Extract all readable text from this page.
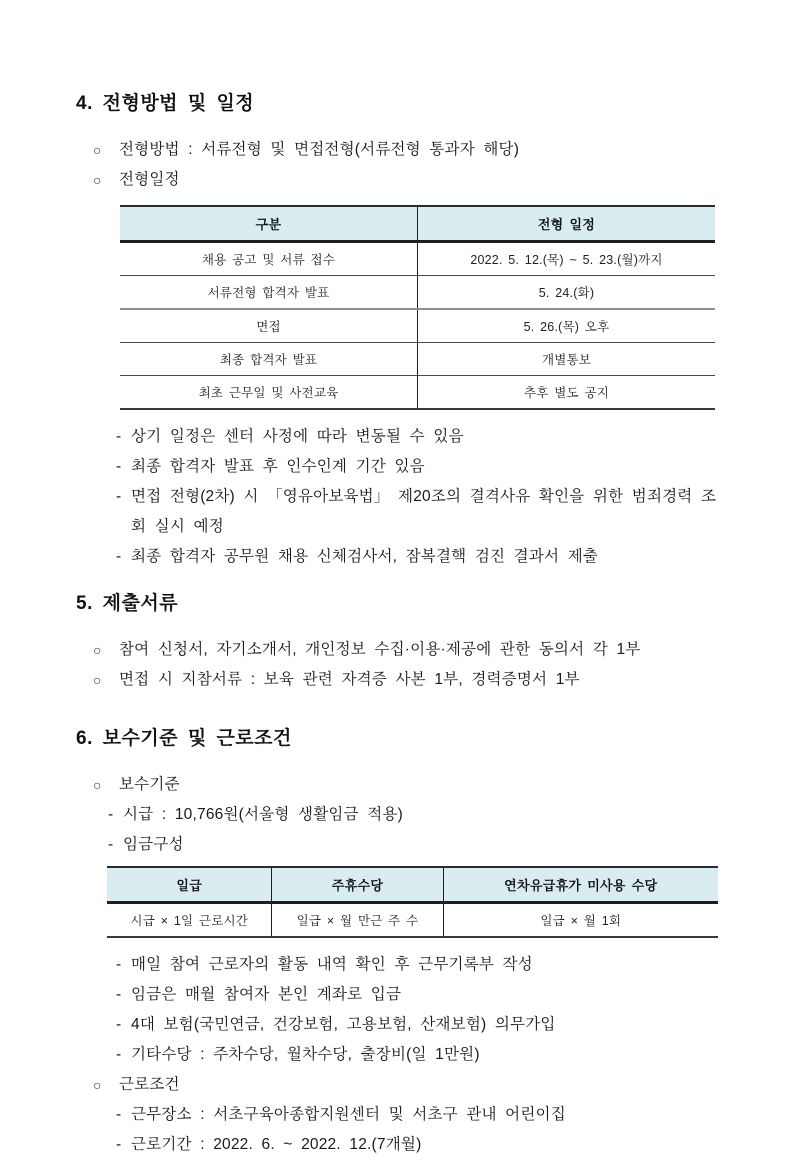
4. 전형방법 및 일정
○	전형방법 : 서류전형 및 면접전형(서류전형 통과자 해당)
○	전형일정
구분	전형 일정
채용 공고 및 서류 접수	2022. 5. 12.(목) ~ 5. 23.(월)까지
서류전형 합격자 발표	5. 24.(화)
면접	5. 26.(목) 오후
최종 합격자 발표	개별통보
최초 근무일 및 사전교육	추후 별도 공지
- 상기 일정은 센터 사정에 따라 변동될 수 있음
- 최종 합격자 발표 후 인수인계 기간 있음
- 면접 전형(2차) 시 「영유아보육법」 제20조의 결격사유 확인을 위한 범죄경력 조회 실시 예정
- 최종 합격자 공무원 채용 신체검사서, 잠복결핵 검진 결과서 제출
5. 제출서류
○	참여 신청서, 자기소개서, 개인정보 수집·이용·제공에 관한 동의서 각 1부
○	면접 시 지참서류 : 보육 관련 자격증 사본 1부, 경력증명서 1부
6. 보수기준 및 근로조건
○	보수기준
- 시급 : 10,766원(서울형 생활임금 적용)
- 임금구성
일급	주휴수당	연차유급휴가 미사용 수당
시급 × 1일 근로시간	일급 × 월 만근 주 수	일급 × 월 1회
- 매일 참여 근로자의 활동 내역 확인 후 근무기록부 작성
- 임금은 매월 참여자 본인 계좌로 입금
- 4대 보험(국민연금, 건강보험, 고용보험, 산재보험) 의무가입
- 기타수당 : 주차수당, 월차수당, 출장비(일 1만원)
○	근로조건
- 근무장소 : 서초구육아종합지원센터 및 서초구 관내 어린이집
- 근로기간 : 2022. 6. ~ 2022. 12.(7개월)
